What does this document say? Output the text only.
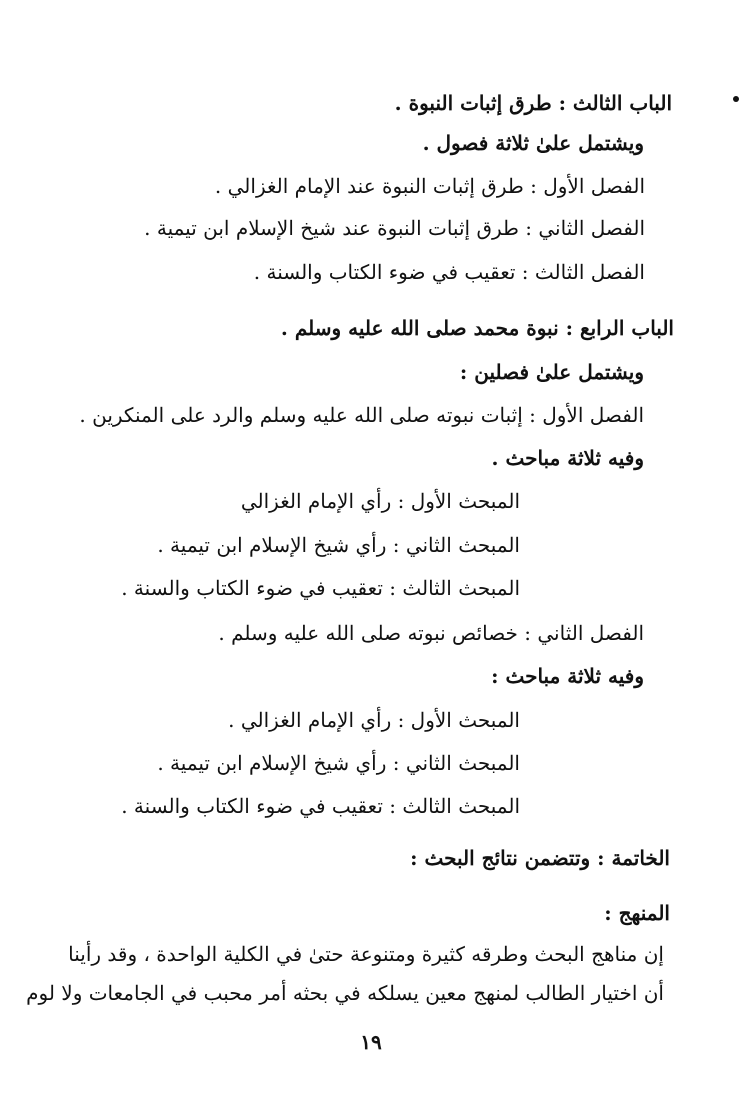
الباب الثالث : طرق إثبات النبوة .
ويشتمل علىٰ ثلاثة فصول .
الفصل الأول : طرق إثبات النبوة عند الإمام الغزالي .
الفصل الثاني : طرق إثبات النبوة عند شيخ الإسلام ابن تيمية .
الفصل الثالث : تعقيب في ضوء الكتاب والسنة .
الباب الرابع : نبوة محمد صلى الله عليه وسلم .
ويشتمل علىٰ فصلين :
الفصل الأول : إثبات نبوته صلى الله عليه وسلم والرد على المنكرين .
وفيه ثلاثة مباحث .
المبحث الأول : رأي الإمام الغزالي
المبحث الثاني : رأي شيخ الإسلام ابن تيمية .
المبحث الثالث : تعقيب في ضوء الكتاب والسنة .
الفصل الثاني : خصائص نبوته صلى الله عليه وسلم .
وفيه ثلاثة مباحث :
المبحث الأول : رأي الإمام الغزالي .
المبحث الثاني : رأي شيخ الإسلام ابن تيمية .
المبحث الثالث : تعقيب في ضوء الكتاب والسنة .
الخاتمة : وتتضمن نتائج البحث :
المنهج :
إن مناهج البحث وطرقه كثيرة ومتنوعة حتىٰ في الكلية الواحدة ، وقد رأينا
أن اختيار الطالب لمنهج معين يسلكه في بحثه أمر محبب في الجامعات ولا لوم
١٩
